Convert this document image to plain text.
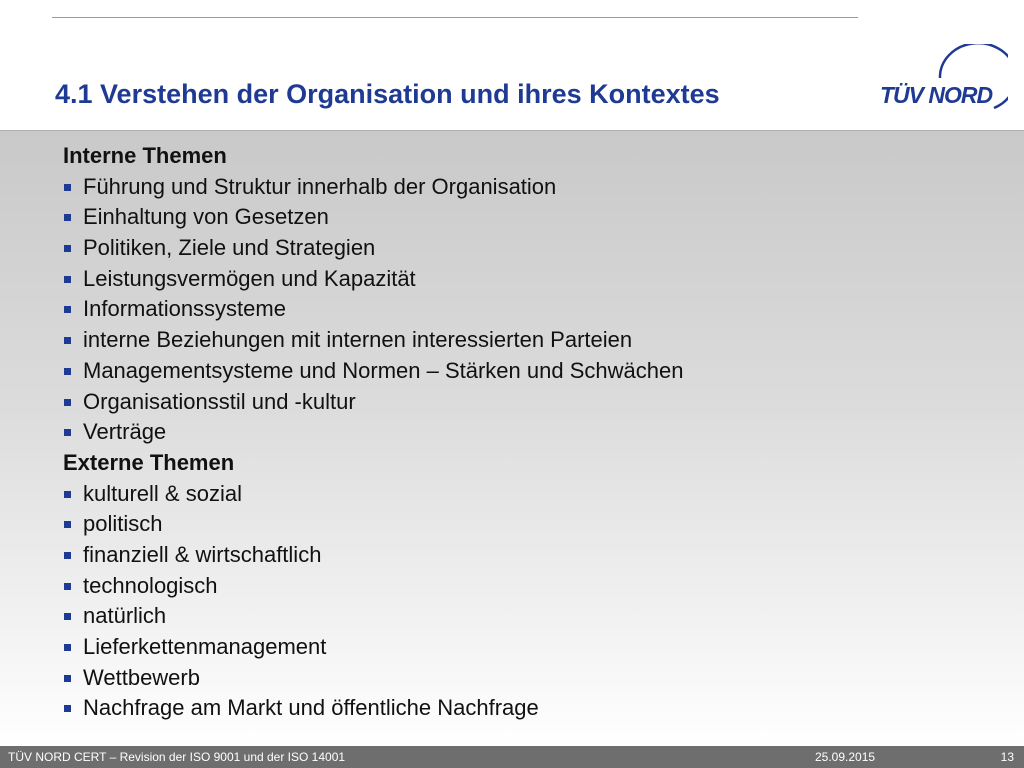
4.1 Verstehen der Organisation und ihres Kontextes	TÜV NORD
Interne Themen
Führung und Struktur innerhalb der Organisation
Einhaltung von Gesetzen
Politiken, Ziele und Strategien
Leistungsvermögen und Kapazität
Informationssysteme
interne Beziehungen mit internen interessierten Parteien
Managementsysteme und Normen – Stärken und Schwächen
Organisationsstil und -kultur
Verträge
Externe Themen
kulturell & sozial
politisch
finanziell & wirtschaftlich
technologisch
natürlich
Lieferkettenmanagement
Wettbewerb
Nachfrage am Markt und öffentliche Nachfrage
TÜV NORD CERT – Revision der ISO 9001 und der ISO 14001	25.09.2015	13
